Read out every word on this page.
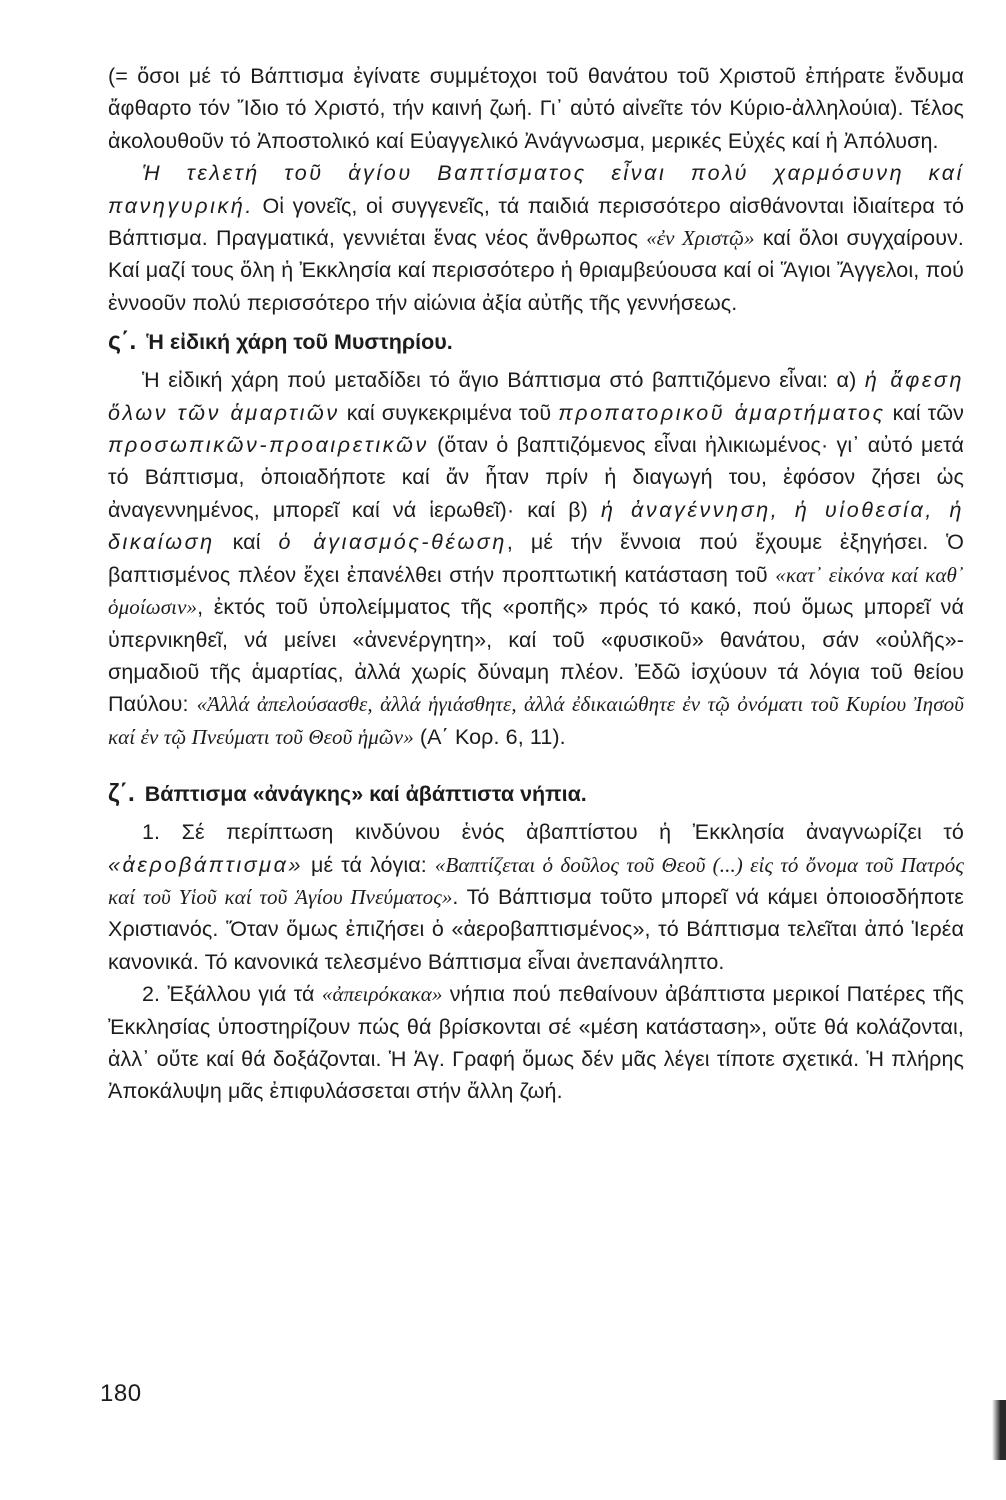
(= ὅσοι μέ τό Βάπτισμα ἐγίνατε συμμέτοχοι τοῦ θανάτου τοῦ Χριστοῦ ἐπήρατε ἔνδυμα ἄφθαρτο τόν Ἴδιο τό Χριστό, τήν καινή ζωή. Γι᾿ αὐτό αἰνεῖτε τόν Κύριο-ἀλληλούια). Τέλος ἀκολουθοῦν τό Ἀποστολικό καί Εὐαγγελικό Ἀνάγνωσμα, μερικές Εὐχές καί ἡ Ἀπόλυση.

Ἡ τελετή τοῦ ἁγίου Βαπτίσματος εἶναι πολύ χαρμόσυνη καί πανηγυρική. Οἱ γονεῖς, οἱ συγγενεῖς, τά παιδιά περισσότερο αἰσθάνονται ἰδιαίτερα τό Βάπτισμα. Πραγματικά, γεννιέται ἕνας νέος ἄνθρωπος «ἐν Χριστῷ» καί ὅλοι συγχαίρουν. Καί μαζί τους ὅλη ἡ Ἐκκλησία καί περισσότερο ἡ θριαμβεύουσα καί οἱ Ἅγιοι Ἄγγελοι, πού ἐννοοῦν πολύ περισσότερο τήν αἰώνια ἀξία αὐτῆς τῆς γεννήσεως.

ς΄. Ἡ εἰδική χάρη τοῦ Μυστηρίου.

Ἡ εἰδική χάρη πού μεταδίδει τό ἅγιο Βάπτισμα στό βαπτιζόμενο εἶναι: α) ἡ ἄφεση ὅλων τῶν ἁμαρτιῶν καί συγκεκριμένα τοῦ προπατορικοῦ ἁμαρτήματος καί τῶν προσωπικῶν-προαιρετικῶν (ὅταν ὁ βαπτιζόμενος εἶναι ἠλικιωμένος· γι᾿ αὐτό μετά τό Βάπτισμα, ὁποιαδήποτε καί ἄν ἦταν πρίν ἡ διαγωγή του, ἐφόσον ζήσει ὡς ἀναγεννημένος, μπορεῖ καί νά ἱερωθεῖ)· καί β) ἡ ἀναγέννηση, ἡ υἱοθεσία, ἡ δικαίωση καί ὁ ἁγιασμός-θέωση, μέ τήν ἔννοια πού ἔχουμε ἐξηγήσει. Ὁ βαπτισμένος πλέον ἔχει ἐπανέλθει στήν προπτωτική κατάσταση τοῦ «κατ᾿ εἰκόνα καί καθ᾿ ὁμοίωσιν», ἐκτός τοῦ ὑπολείμματος τῆς «ροπῆς» πρός τό κακό, πού ὅμως μπορεῖ νά ὑπερνικηθεῖ, νά μείνει «ἀνενέργητη», καί τοῦ «φυσικοῦ» θανάτου, σάν «οὐλῆς»-σημαδιοῦ τῆς ἁμαρτίας, ἀλλά χωρίς δύναμη πλέον. Ἐδῶ ἰσχύουν τά λόγια τοῦ θείου Παύλου: «Ἀλλά ἀπελούσασθε, ἀλλά ἡγιάσθητε, ἀλλά ἐδικαιώθητε ἐν τῷ ὀνόματι τοῦ Κυρίου Ἰησοῦ καί ἐν τῷ Πνεύματι τοῦ Θεοῦ ἡμῶν» (Α΄ Κορ. 6, 11).

ζ΄. Βάπτισμα «ἀνάγκης» καί ἀβάπτιστα νήπια.

1. Σέ περίπτωση κινδύνου ἑνός ἀβαπτίστου ἡ Ἐκκλησία ἀναγνωρίζει τό «ἀεροβάπτισμα» μέ τά λόγια: «Βαπτίζεται ὁ δοῦλος τοῦ Θεοῦ (...) εἰς τό ὄνομα τοῦ Πατρός καί τοῦ Υἱοῦ καί τοῦ Ἁγίου Πνεύματος». Τό Βάπτισμα τοῦτο μπορεῖ νά κάμει ὁποιοσδήποτε Χριστιανός. Ὅταν ὅμως ἐπιζήσει ὁ «ἀεροβαπτισμένος», τό Βάπτισμα τελεῖται ἀπό Ἱερέα κανονικά. Τό κανονικά τελεσμένο Βάπτισμα εἶναι ἀνεπανάληπτο.

2. Ἐξάλλου γιά τά «ἀπειρόκακα» νήπια πού πεθαίνουν ἀβάπτιστα μερικοί Πατέρες τῆς Ἐκκλησίας ὑποστηρίζουν πώς θά βρίσκονται σέ «μέση κατάσταση», οὔτε θά κολάζονται, ἀλλ᾿ οὔτε καί θά δοξάζονται. Ἡ Ἁγ. Γραφή ὅμως δέν μᾶς λέγει τίποτε σχετικά. Ἡ πλήρης Ἀποκάλυψη μᾶς ἐπιφυλάσσεται στήν ἄλλη ζωή.

180
